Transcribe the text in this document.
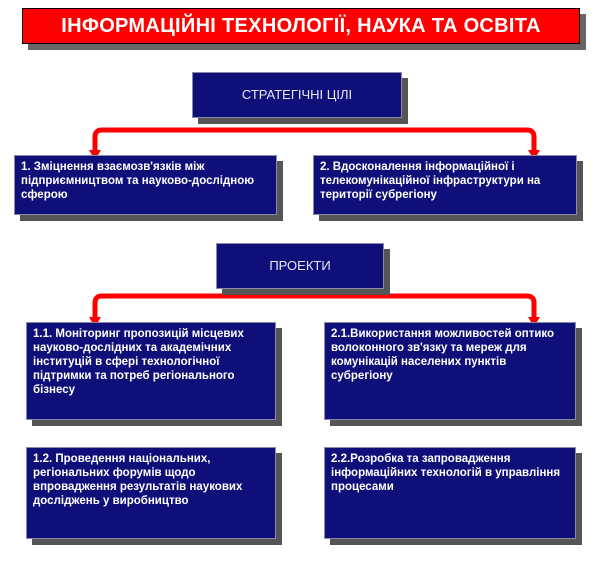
ІНФОРМАЦІЙНІ ТЕХНОЛОГІЇ, НАУКА ТА ОСВІТА
СТРАТЕГІЧНІ ЦІЛІ
1. Зміцнення взаємозв'язків між підприємництвом та науково-дослідною сферою
2. Вдосконалення інформаційної і телекомунікаційної інфраструктури на території субрегіону
ПРОЕКТИ
1.1. Моніторинг пропозицій місцевих науково-дослідних та академічних інституцій в сфері технологічної підтримки та потреб регіонального бізнесу
2.1.Використання можливостей оптико волоконного зв'язку та мереж для комунікацій населених пунктів субрегіону
1.2. Проведення національних, регіональних форумів щодо впровадження результатів наукових досліджень у виробництво
2.2.Розробка та запровадження інформаційних технологій в управління процесами
